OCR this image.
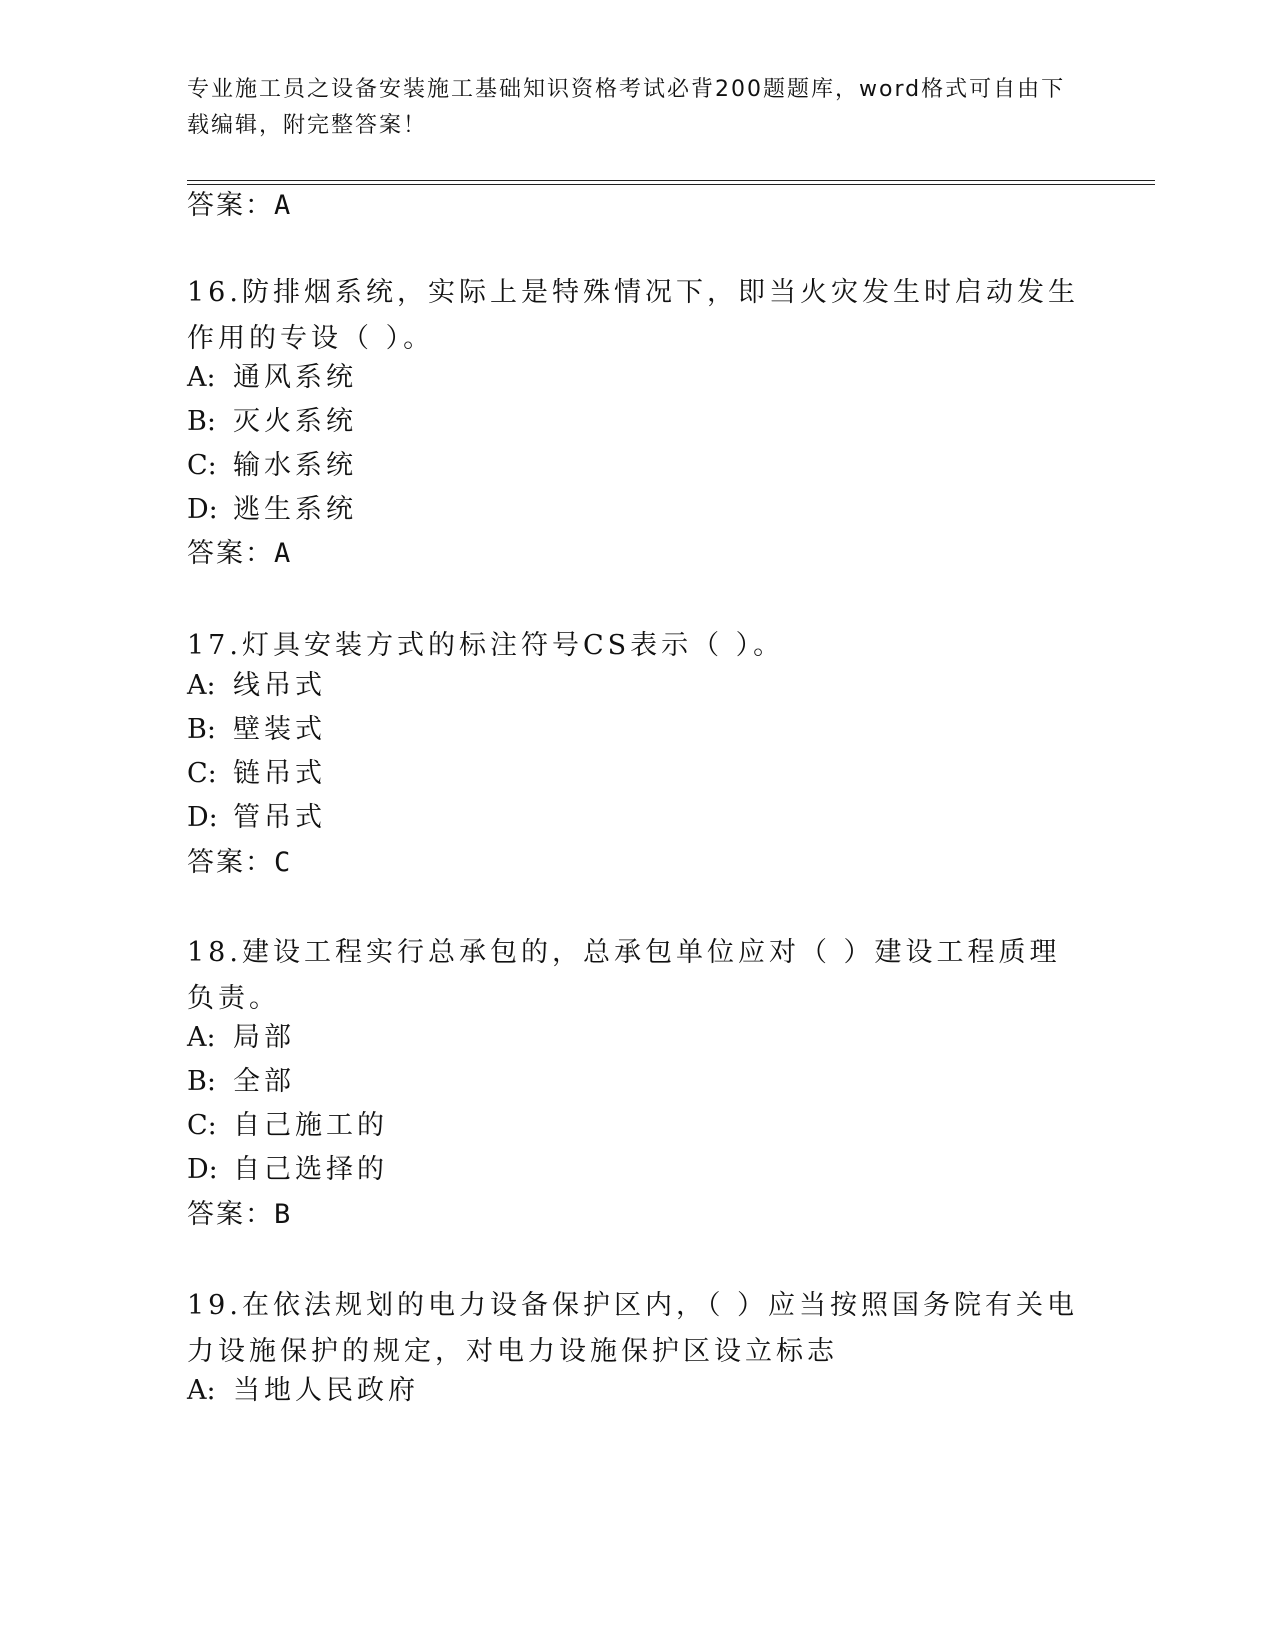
专业施工员之设备安装施工基础知识资格考试必背200题题库，word格式可自由下载编辑，附完整答案！
答案：A
16.防排烟系统，实际上是特殊情况下，即当火灾发生时启动发生作用的专设（ ）。
A: 通风系统
B: 灭火系统
C: 输水系统
D: 逃生系统
答案：A
17.灯具安装方式的标注符号CS表示（ ）。
A: 线吊式
B: 壁装式
C: 链吊式
D: 管吊式
答案：C
18.建设工程实行总承包的，总承包单位应对（ ）建设工程质理负责。
A: 局部
B: 全部
C: 自己施工的
D: 自己选择的
答案：B
19.在依法规划的电力设备保护区内，（ ）应当按照国务院有关电力设施保护的规定，对电力设施保护区设立标志
A: 当地人民政府
